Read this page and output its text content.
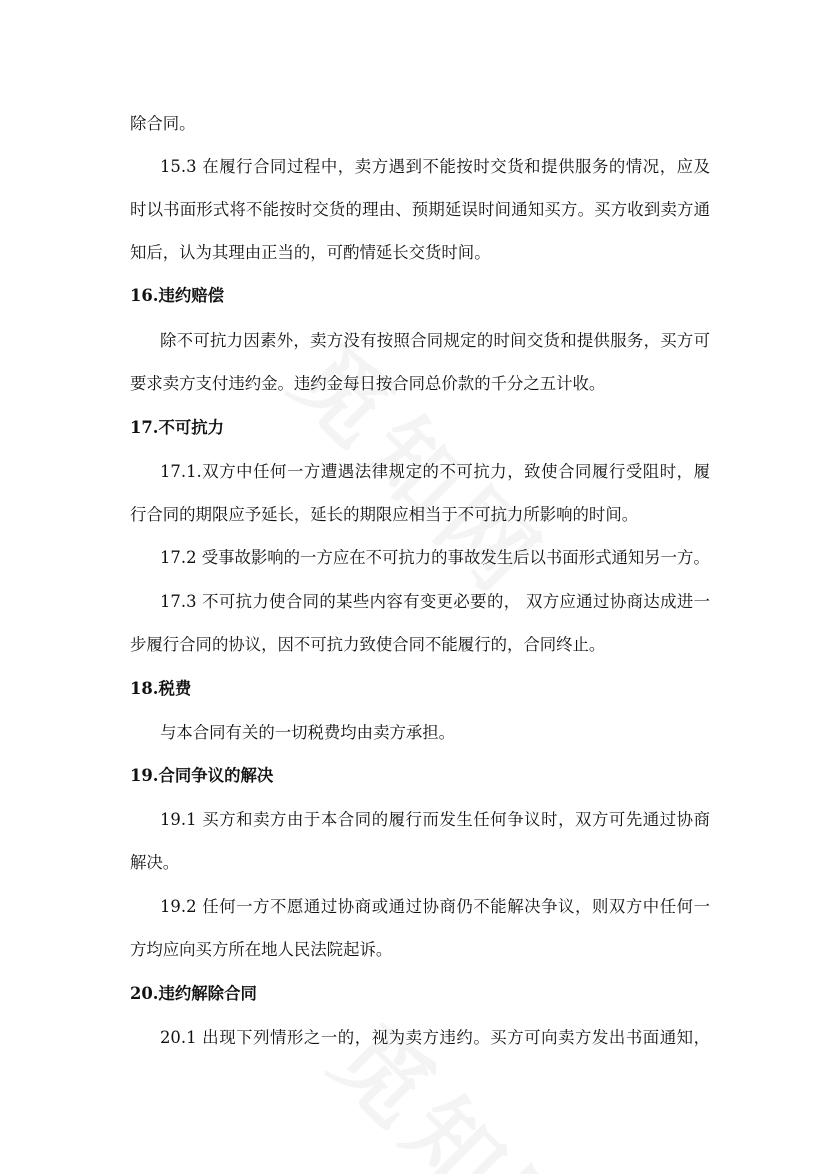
除合同。
15.3 在履行合同过程中，卖方遇到不能按时交货和提供服务的情况，应及
时以书面形式将不能按时交货的理由、预期延误时间通知买方。买方收到卖方通
知后，认为其理由正当的，可酌情延长交货时间。
16.违约赔偿
除不可抗力因素外，卖方没有按照合同规定的时间交货和提供服务，买方可
要求卖方支付违约金。违约金每日按合同总价款的千分之五计收。
17.不可抗力
17.1.双方中任何一方遭遇法律规定的不可抗力，致使合同履行受阻时，履
行合同的期限应予延长，延长的期限应相当于不可抗力所影响的时间。
17.2 受事故影响的一方应在不可抗力的事故发生后以书面形式通知另一方。
17.3 不可抗力使合同的某些内容有变更必要的， 双方应通过协商达成进一
步履行合同的协议，因不可抗力致使合同不能履行的，合同终止。
18.税费
与本合同有关的一切税费均由卖方承担。
19.合同争议的解决
19.1 买方和卖方由于本合同的履行而发生任何争议时，双方可先通过协商
解决。
19.2 任何一方不愿通过协商或通过协商仍不能解决争议，则双方中任何一
方均应向买方所在地人民法院起诉。
20.违约解除合同
20.1 出现下列情形之一的，视为卖方违约。买方可向卖方发出书面通知，
